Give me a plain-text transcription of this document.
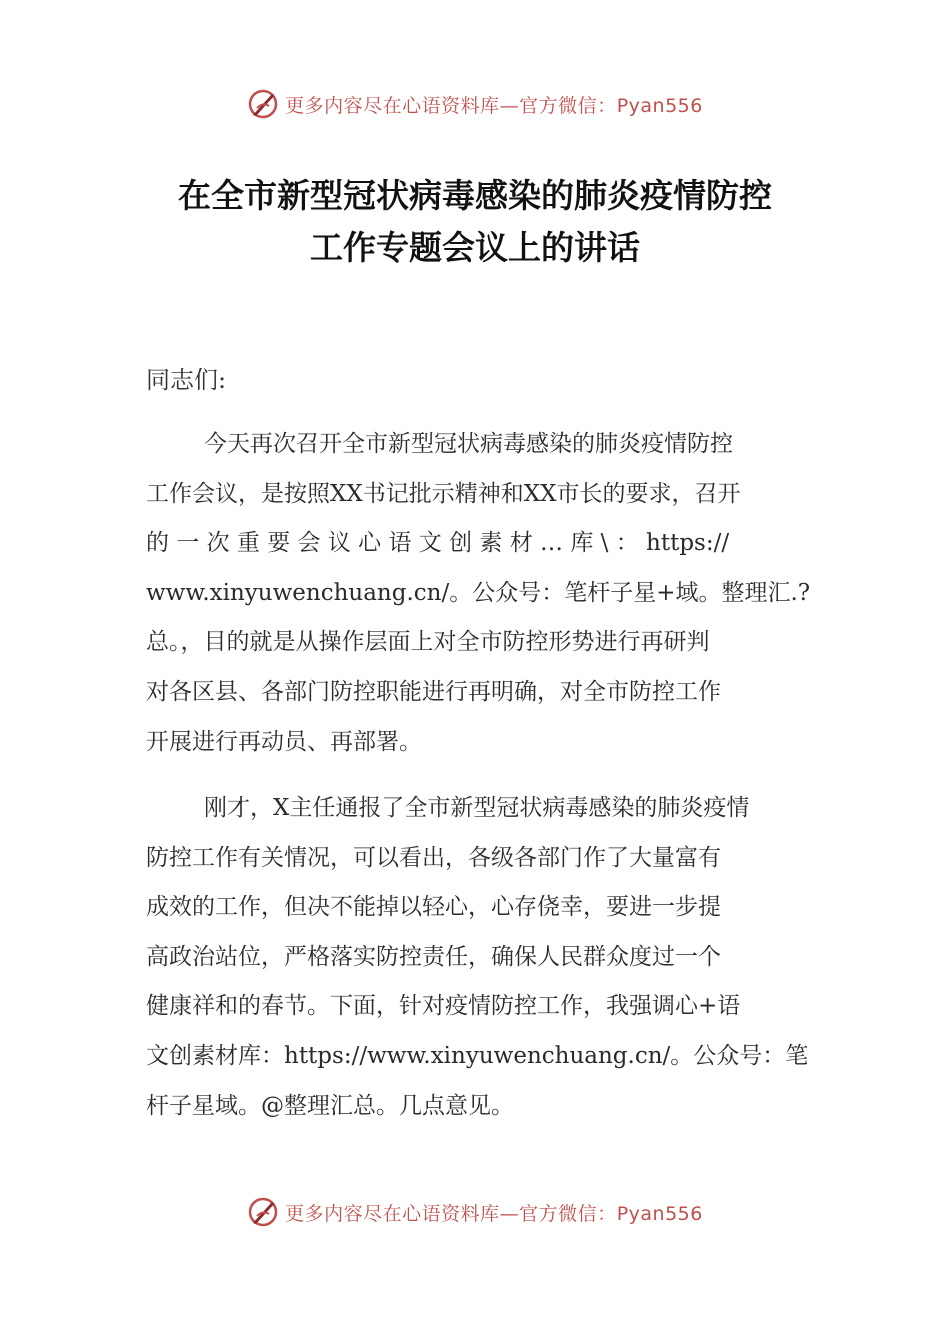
更多内容尽在心语资料库—官方微信：Pyan556
在全市新型冠状病毒感染的肺炎疫情防控
工作专题会议上的讲话
同志们:
今天再次召开全市新型冠状病毒感染的肺炎疫情防控
工作会议，是按照XX书记批示精神和XX市长的要求，召开
的 一 次 重 要 会 议 心 语 文 创 素 材 … 库 \ ： https://
www.xinyuwenchuang.cn/。公众号：笔杆子星+域。整理汇.?
总。，目的就是从操作层面上对全市防控形势进行再研判
对各区县、各部门防控职能进行再明确，对全市防控工作
开展进行再动员、再部署。
刚才，X主任通报了全市新型冠状病毒感染的肺炎疫情
防控工作有关情况，可以看出，各级各部门作了大量富有
成效的工作，但决不能掉以轻心，心存侥幸，要进一步提
高政治站位，严格落实防控责任，确保人民群众度过一个
健康祥和的春节。下面，针对疫情防控工作，我强调心+语
文创素材库：https://www.xinyuwenchuang.cn/。公众号：笔
杆子星域。@整理汇总。几点意见。
更多内容尽在心语资料库—官方微信：Pyan556
